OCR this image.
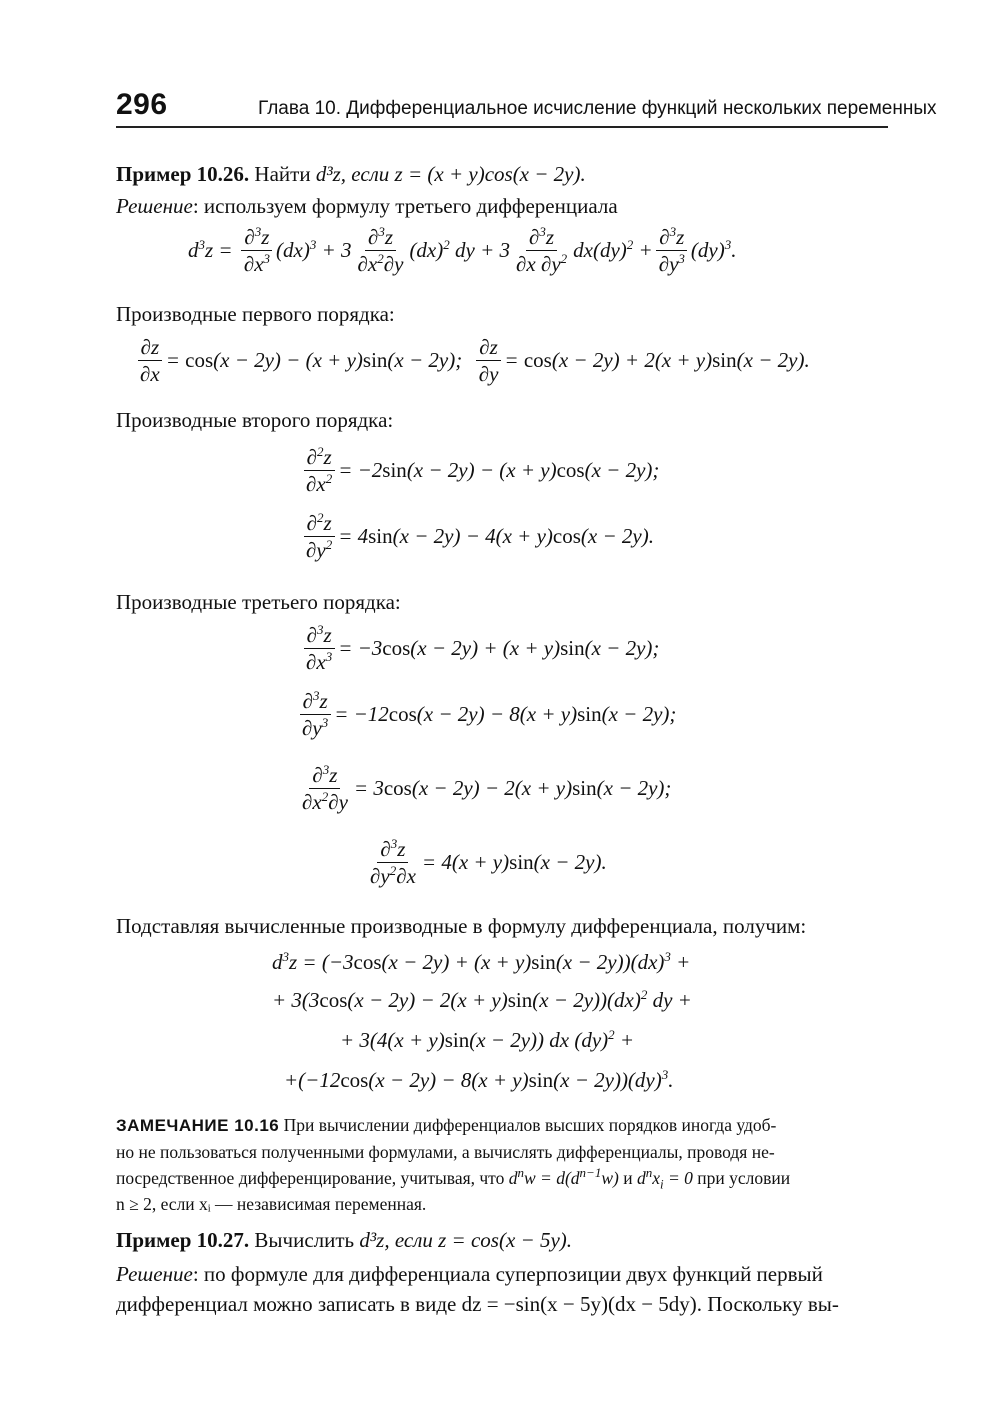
296	Глава 10. Дифференциальное исчисление функций нескольких переменных
Пример 10.26. Найти d³z, если z = (x + y)cos(x − 2y).
Решение: используем формулу третьего дифференциала
$d^3z = \frac{\partial^3z}{\partial x^3} (dx)^3 + 3 \frac{\partial^3z}{\partial x^2\partial y} (dx)^2$ dy + $3 \frac{\partial^3z}{\partial x \partial y^2} dx(dy)^2 + \frac{\partial^3z}{\partial y^3} (dy)^3$.
Производные первого порядка:
$\frac{\partial z}{\partial x} = \cos(x - 2y) - (x + y)\sin(x - 2y)$; $\frac{\partial z}{\partial y} = \cos(x - 2y) + 2(x + y)\sin(x - 2y)$.
Производные второго порядка:
$\frac{\partial^2z}{\partial x^2} = -2\sin(x - 2y) - (x + y)\cos(x - 2y)$;
$\frac{\partial^2z}{\partial y^2} = 4\sin(x - 2y) - 4(x + y)\cos(x - 2y)$.
Производные третьего порядка:
$\frac{\partial^3z}{\partial x^3} = -3\cos(x - 2y) + (x + y)\sin(x - 2y)$;
$\frac{\partial^3z}{\partial y^3} = -12\cos(x - 2y) - 8(x + y)\sin(x - 2y)$;
$\frac{\partial^3z}{\partial x^2\partial y} = 3\cos(x - 2y) - 2(x + y)\sin(x - 2y)$;
$\frac{\partial^3z}{\partial y^2\partial x} = 4(x + y)\sin(x - 2y)$.
Подставляя вычисленные производные в формулу дифференциала, получим:
$d^3z = (-3\cos(x - 2y) + (x + y)\sin(x - 2y))(dx)^3$ +
+ 3(3cos(x − 2y) − 2(x + y)sin(x − 2y))(dx)$^2$ dy +
+ 3(4(x + y)sin(x − 2y)) dx (dy)$^2$ +
+(−12cos(x − 2y) − 8(x + y)sin(x − 2y))(dy)$^3$.
ЗАМЕЧАНИЕ 10.16 При вычислении дифференциалов высших порядков иногда удоб-
но не пользоваться полученными формулами, а вычислять дифференциалы, проводя не-
посредственное дифференцирование, учитывая, что $d^nw = d(d^{n-1}w)$ и $d^nx_i = 0$ при условии
n ≥ 2, если xᵢ — независимая переменная.
Пример 10.27. Вычислить d³z, если z = cos(x − 5y).
Решение: по формуле для дифференциала суперпозиции двух функций первый
дифференциал можно записать в виде dz = −sin(x − 5y)(dx − 5dy). Поскольку вы-
